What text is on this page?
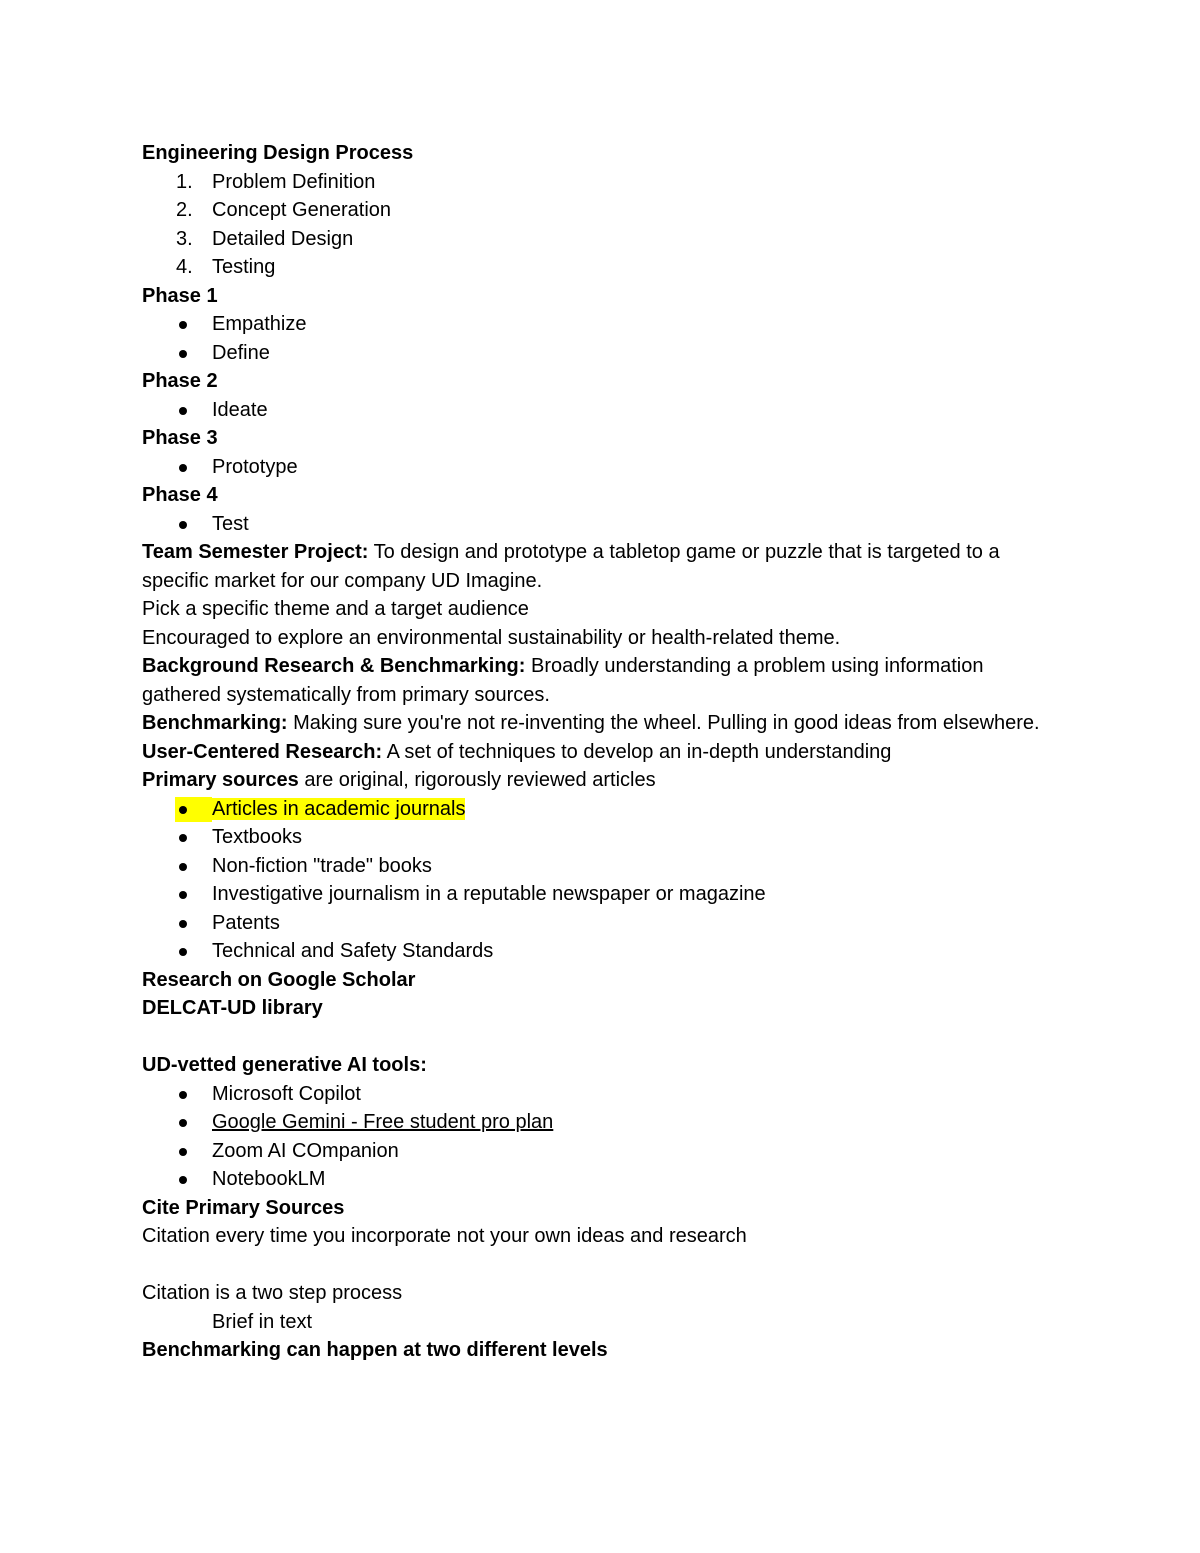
Engineering Design Process

1. Problem Definition

2. Concept Generation

3. Detailed Design

4. Testing

Phase 1

Empathize

Define

Phase 2

Ideate

Phase 3

Prototype

Phase 4

Test

Team Semester Project: To design and prototype a tabletop game or puzzle that is targeted to a specific market for our company UD Imagine.

Pick a specific theme and a target audience

Encouraged to explore an environmental sustainability or health-related theme.

Background Research & Benchmarking: Broadly understanding a problem using information gathered systematically from primary sources.

Benchmarking: Making sure you're not re-inventing the wheel. Pulling in good ideas from elsewhere.

User-Centered Research: A set of techniques to develop an in-depth understanding

Primary sources are original, rigorously reviewed articles

Articles in academic journals

Textbooks

Non-fiction "trade" books

Investigative journalism in a reputable newspaper or magazine

Patents

Technical and Safety Standards

Research on Google Scholar

DELCAT-UD library

UD-vetted generative AI tools:

Microsoft Copilot

Google Gemini - Free student pro plan

Zoom AI COmpanion

NotebookLM

Cite Primary Sources

Citation every time you incorporate not your own ideas and research

Citation is a two step process

Brief in text

Benchmarking can happen at two different levels
